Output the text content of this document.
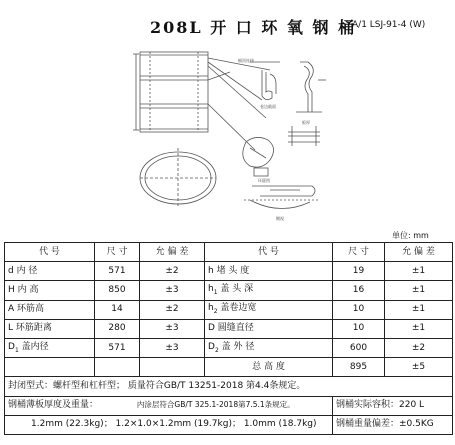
208L 开 口 环 氧 钢 桶
A/1 LSJ-91-4 (W)
桶顶连接
卷边截面
板厚
环箍图
侧视
单位: mm
代 号	尺 寸	允 偏 差	代 号	尺 寸	允 偏 差
d 内 径	571	±2	h 堵 头 度	19	±1
H 内 高	850	±3	$h_1$ 盖 头 深	16	±1
A 环筋高	14	±2	$h_2$ 盖卷边宽	10	±1
L 环筋距离	280	±3	D 圆缝直径	10	±1
$D_1$ 盖内径	571	±3	$D_2$ 盖 外 径	600	±2
			总 高 度	895	±5
封闭型式：螺杆型和杠杆型； 质量符合GB/T 13251-2018 第4.4条规定。					
钢桶薄板厚度及重量： 内涂层符合GB/T 325.1-2018第7.5.1条规定。				钢桶实际容积：220 L	
1.2mm (22.3kg)； 1.2×1.0×1.2mm (19.7kg)； 1.0mm (18.7kg)				钢桶重量偏差：±0.5KG	
